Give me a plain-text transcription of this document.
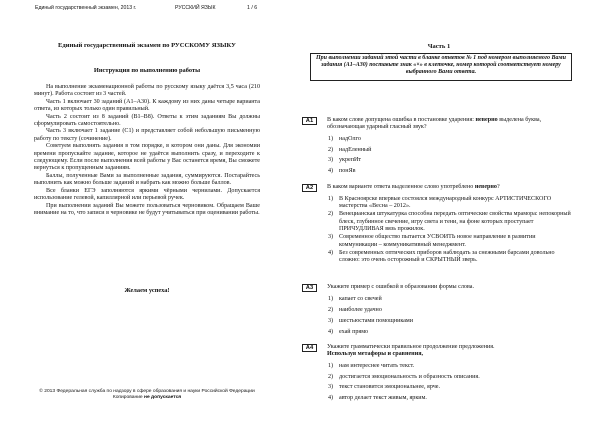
Единый государственный экзамен, 2013 г.	РУССКИЙ ЯЗЫК	1 / 6
Единый государственный экзамен по РУССКОМУ ЯЗЫКУ
Инструкция по выполнению работы

На выполнение экзаменационной работы по русскому языку даётся 3,5 часа (210 минут). Работа состоит из 3 частей.

Часть 1 включает 30 заданий (А1–А30). К каждому из них даны четыре варианта ответа, из которых только один правильный.

Часть 2 состоит из 8 заданий (В1–В8). Ответы к этим заданиям Вы должны сформулировать самостоятельно.

Часть 3 включает 1 задание (С1) и представляет собой небольшую письменную работу по тексту (сочинение).

Советуем выполнять задания в том порядке, в котором они даны. Для экономии времени пропускайте задание, которое не удаётся выполнить сразу, и переходите к следующему. Если после выполнения всей работы у Вас останется время, Вы сможете вернуться к пропущенным заданиям.

Баллы, полученные Вами за выполненные задания, суммируются. Постарайтесь выполнить как можно больше заданий и набрать как можно больше баллов.

Все бланки ЕГЭ заполняются яркими чёрными чернилами. Допускается использование гелевой, капиллярной или перьевой ручек.

При выполнении заданий Вы можете пользоваться черновиком. Обращаем Ваше внимание на то, что записи в черновике не будут учитываться при оценивании работы.

Желаем успеха!
© 2013 Федеральная служба по надзору в сфере образования и науки Российской Федерации
Копирование не допускается
Часть 1
При выполнении заданий этой части в бланке ответов № 1 под номером выполняемого Вами задания (А1–А30) поставьте знак «×» в клеточке, номер которой соответствует номеру выбранного Вами ответа.
A1	В каком слове допущена ошибка в постановке ударения: неверно выделена буква, обозначающая ударный гласный звук?
1) надОлго
2) надЕленный
3) укрепИт
4) понЯв
A2	В каком варианте ответа выделенное слово употреблено неверно?
1) В Красноярске впервые состоялся международный конкурс АРТИСТИЧЕСКОГО мастерства «Весна – 2012».
2) Венецианская штукатурка способна передать оптические свойства мрамора: непокорный блеск, глубинное свечение, игру света и тени, на фоне которых проступает ПРИЧУДЛИВАЯ вязь прожилок.
3) Современное общество пытается УСВОИТЬ новое направление в развитии коммуникации – коммуникативный менеджмент.
4) Без современных оптических приборов наблюдать за снежными барсами довольно сложно: это очень осторожный и СКРЫТНЫЙ зверь.
A3	Укажите пример с ошибкой в образовании формы слова.
1) капает со свечей
2) наиболее удачно
3) шестьюстами помощниками
4) ехай прямо
A4	Укажите грамматически правильное продолжение предложения.
Используя метафоры и сравнения,
1) нам интереснее читать текст.
2) достигается эмоциональность и образность описания.
3) текст становится эмоциональнее, ярче.
4) автор делает текст живым, ярким.
